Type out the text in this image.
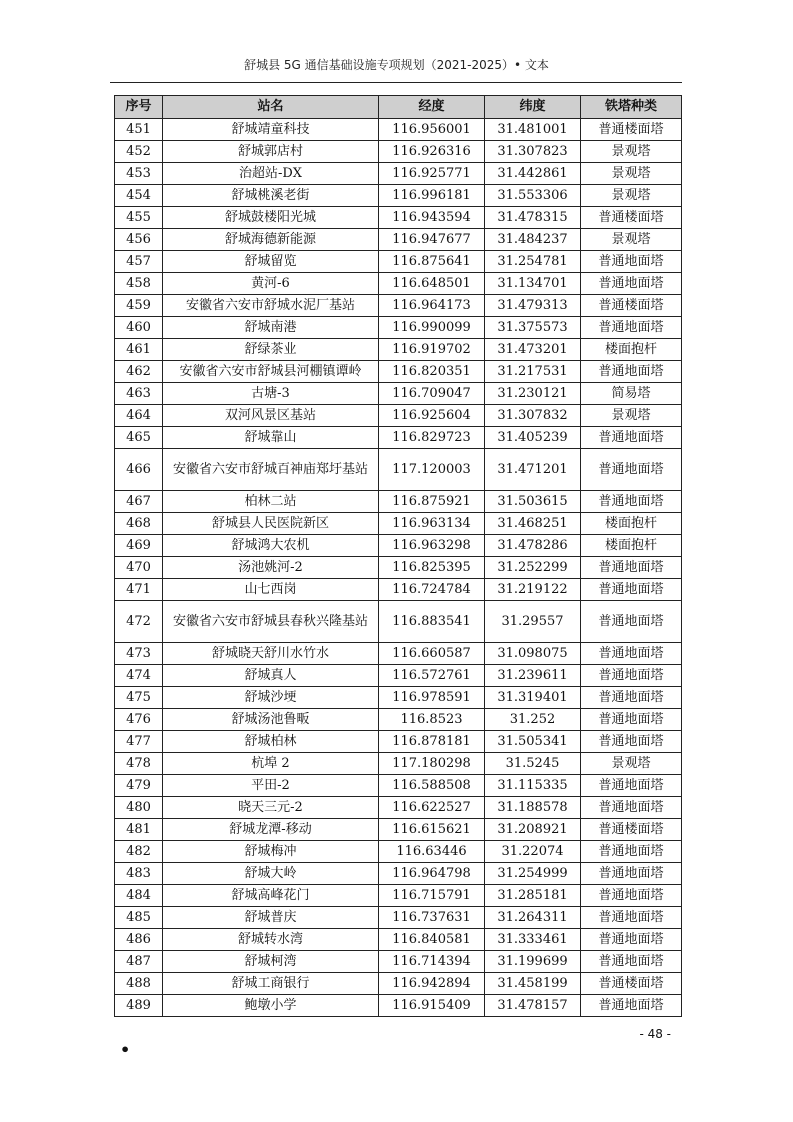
舒城县 5G 通信基础设施专项规划（2021-2025）• 文本
序号	站名	经度	纬度	铁塔种类
451	舒城靖童科技	116.956001	31.481001	普通楼面塔
452	舒城郭店村	116.926316	31.307823	景观塔
453	治超站-DX	116.925771	31.442861	景观塔
454	舒城桃溪老街	116.996181	31.553306	景观塔
455	舒城鼓楼阳光城	116.943594	31.478315	普通楼面塔
456	舒城海德新能源	116.947677	31.484237	景观塔
457	舒城留览	116.875641	31.254781	普通地面塔
458	黄河-6	116.648501	31.134701	普通地面塔
459	安徽省六安市舒城水泥厂基站	116.964173	31.479313	普通楼面塔
460	舒城南港	116.990099	31.375573	普通地面塔
461	舒绿茶业	116.919702	31.473201	楼面抱杆
462	安徽省六安市舒城县河棚镇谭岭	116.820351	31.217531	普通地面塔
463	古塘-3	116.709047	31.230121	简易塔
464	双河风景区基站	116.925604	31.307832	景观塔
465	舒城靠山	116.829723	31.405239	普通地面塔
466	安徽省六安市舒城百神庙郑圩基站	117.120003	31.471201	普通地面塔
467	柏林二站	116.875921	31.503615	普通地面塔
468	舒城县人民医院新区	116.963134	31.468251	楼面抱杆
469	舒城鸿大农机	116.963298	31.478286	楼面抱杆
470	汤池姚河-2	116.825395	31.252299	普通地面塔
471	山七西岗	116.724784	31.219122	普通地面塔
472	安徽省六安市舒城县春秋兴隆基站	116.883541	31.29557	普通地面塔
473	舒城晓天舒川水竹水	116.660587	31.098075	普通地面塔
474	舒城真人	116.572761	31.239611	普通地面塔
475	舒城沙埂	116.978591	31.319401	普通地面塔
476	舒城汤池鲁畈	116.8523	31.252	普通地面塔
477	舒城柏林	116.878181	31.505341	普通地面塔
478	杭埠 2	117.180298	31.5245	景观塔
479	平田-2	116.588508	31.115335	普通地面塔
480	晓天三元-2	116.622527	31.188578	普通地面塔
481	舒城龙潭-移动	116.615621	31.208921	普通楼面塔
482	舒城梅冲	116.63446	31.22074	普通地面塔
483	舒城大岭	116.964798	31.254999	普通地面塔
484	舒城高峰花门	116.715791	31.285181	普通地面塔
485	舒城普庆	116.737631	31.264311	普通地面塔
486	舒城转水湾	116.840581	31.333461	普通地面塔
487	舒城柯湾	116.714394	31.199699	普通地面塔
488	舒城工商银行	116.942894	31.458199	普通楼面塔
489	鲍墩小学	116.915409	31.478157	普通地面塔
- 48 -
•
